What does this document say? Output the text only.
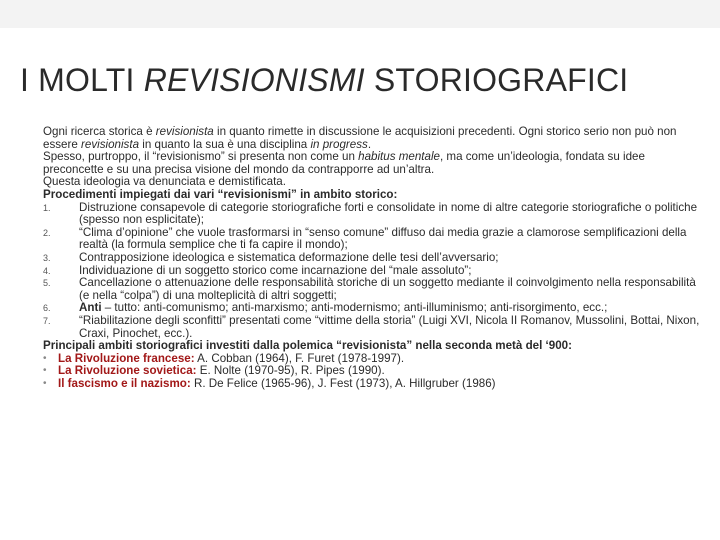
I MOLTI REVISIONISMI STORIOGRAFICI

Ogni ricerca storica è revisionista in quanto rimette in discussione le acquisizioni precedenti. Ogni storico serio non può non essere revisionista in quanto la sua è una disciplina in progress.

Spesso, purtroppo, il “revisionismo” si presenta non come un habitus mentale, ma come un’ideologia, fondata su idee preconcette e su una precisa visione del mondo da contrapporre ad un’altra.

Questa ideologia va denunciata e demistificata.

Procedimenti impiegati dai vari “revisionismi” in ambito storico:

1. Distruzione consapevole di categorie storiografiche forti e consolidate in nome di altre categorie storiografiche o politiche (spesso non esplicitate);
2. “Clima d’opinione” che vuole trasformarsi in “senso comune” diffuso dai media grazie a clamorose semplificazioni della realtà (la formula semplice che ti fa capire il mondo);
3. Contrapposizione ideologica e sistematica deformazione delle tesi dell’avversario;
4. Individuazione di un soggetto storico come incarnazione del “male assoluto”;
5. Cancellazione o attenuazione delle responsabilità storiche di un soggetto mediante il coinvolgimento nella responsabilità (e nella “colpa”) di una molteplicità di altri soggetti;
6. Anti – tutto: anti-comunismo; anti-marxismo; anti-modernismo; anti-illuminismo; anti-risorgimento, ecc.;
7. “Riabilitazione degli sconfitti” presentati come “vittime della storia” (Luigi XVI, Nicola II Romanov, Mussolini, Bottai, Nixon, Craxi, Pinochet, ecc.).

Principali ambiti storiografici investiti dalla polemica “revisionista” nella seconda metà del ‘900:

• La Rivoluzione francese: A. Cobban (1964), F. Furet (1978-1997).
• La Rivoluzione sovietica: E. Nolte (1970-95), R. Pipes (1990).
• Il fascismo e il nazismo: R. De Felice (1965-96), J. Fest (1973), A. Hillgruber (1986)
